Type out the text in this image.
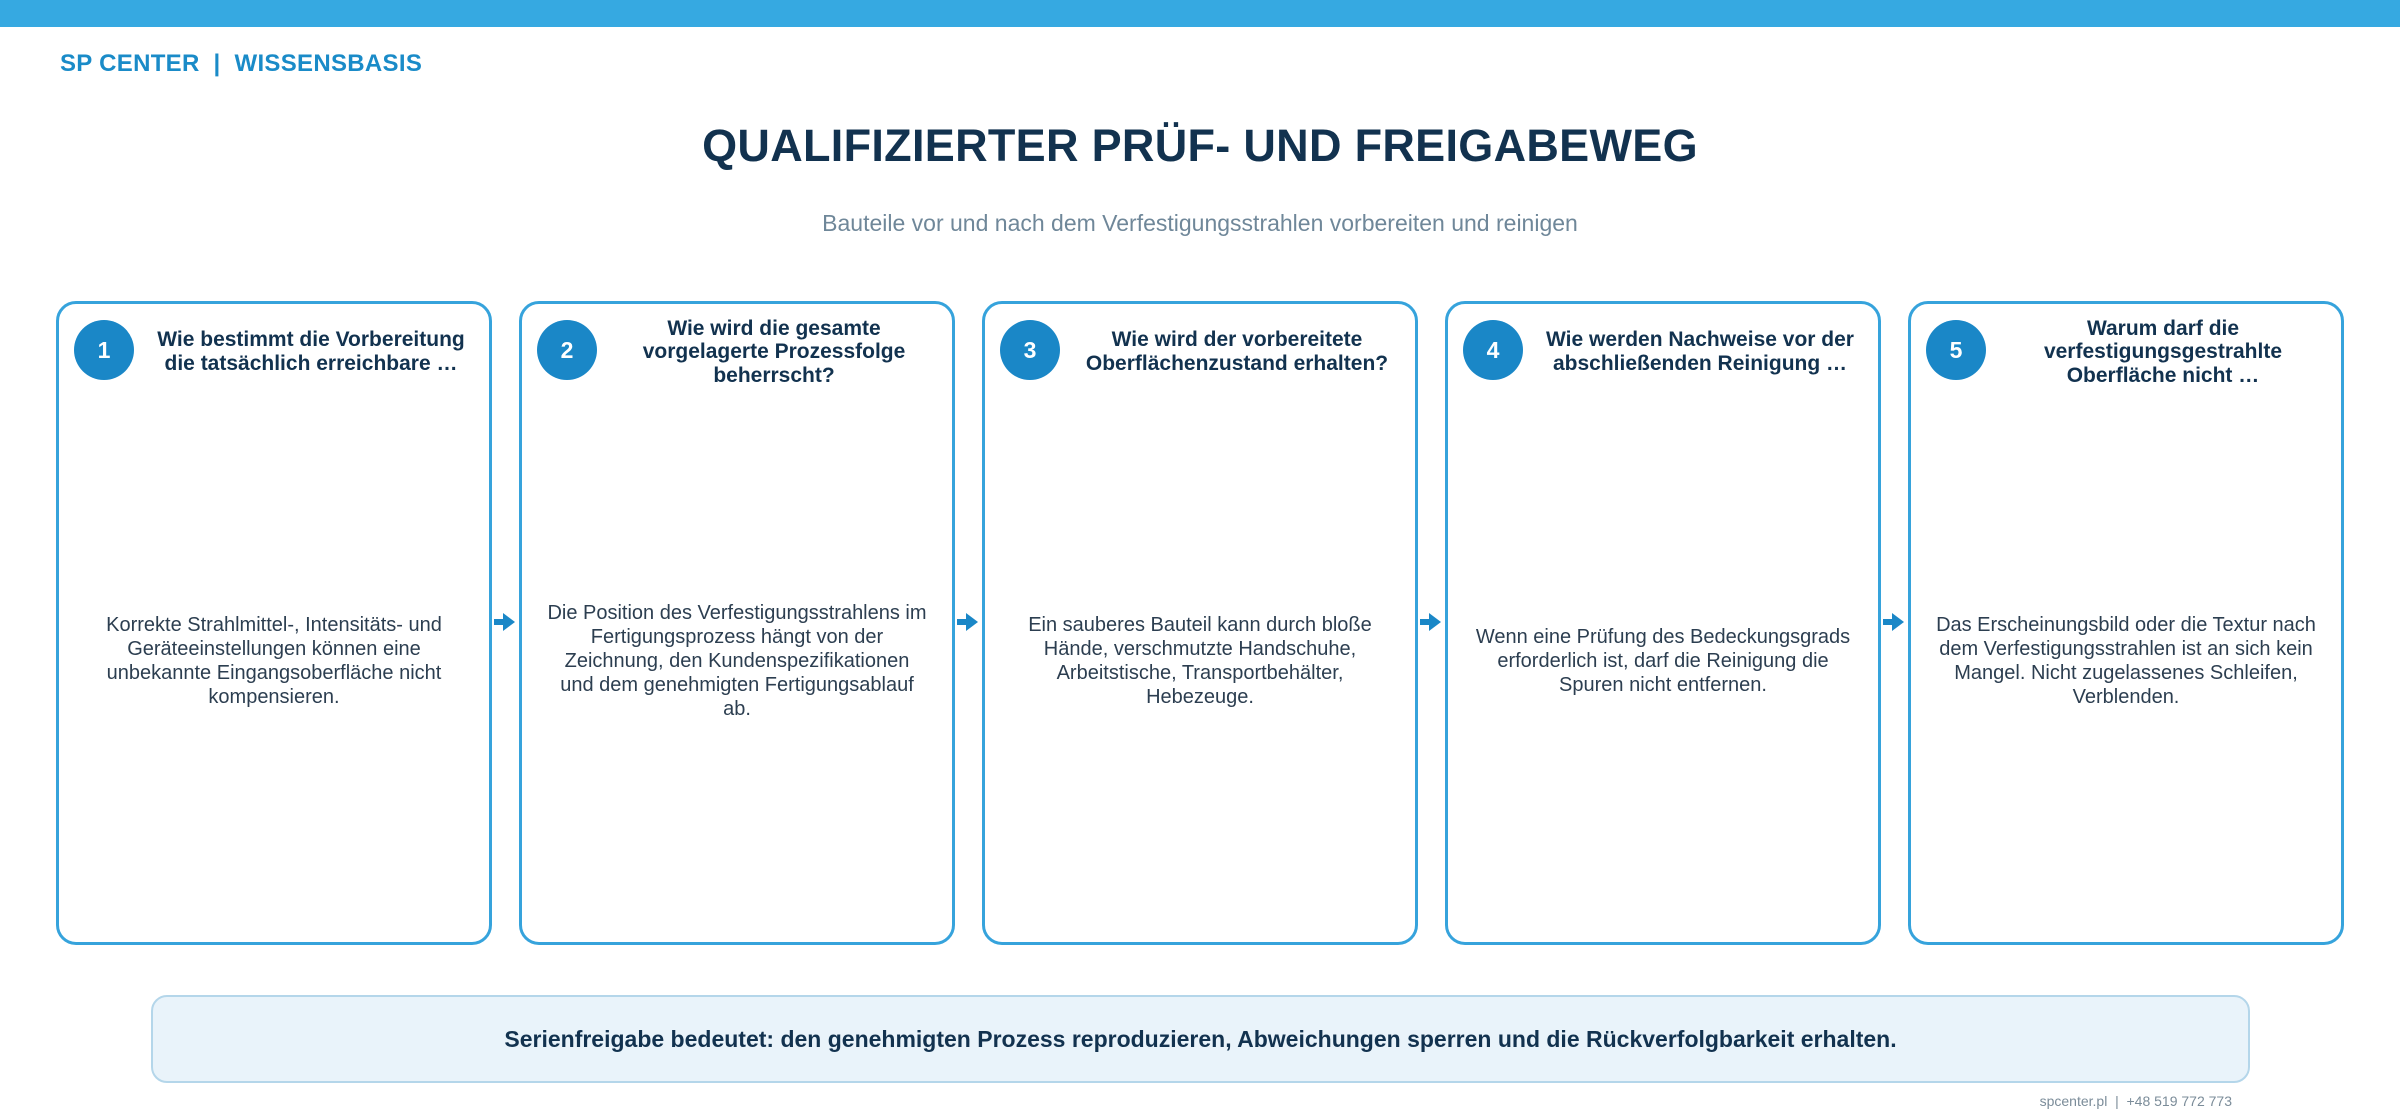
SP CENTER  |  WISSENSBASIS
QUALIFIZIERTER PRÜF- UND FREIGABEWEG
Bauteile vor und nach dem Verfestigungsstrahlen vorbereiten und reinigen
1	Wie bestimmt die Vorbereitung die tatsächlich erreichbare …
Korrekte Strahlmittel-, Intensitäts- und Geräteeinstellungen können eine unbekannte Eingangsoberfläche nicht kompensieren.
2
Wie wird die gesamte vorgelagerte Prozessfolge beherrscht?
Die Position des Verfestigungsstrahlens im Fertigungsprozess hängt von der Zeichnung, den Kundenspezifikationen und dem genehmigten Fertigungsablauf ab.
3	Wie wird der vorbereitete Oberflächenzustand erhalten?
Ein sauberes Bauteil kann durch bloße Hände, verschmutzte Handschuhe, Arbeitstische, Transportbehälter, Hebezeuge.
4	Wie werden Nachweise vor der abschließenden Reinigung …
Wenn eine Prüfung des Bedeckungsgrads erforderlich ist, darf die Reinigung die Spuren nicht entfernen.
5
Warum darf die verfestigungsgestrahlte Oberfläche nicht …
Das Erscheinungsbild oder die Textur nach dem Verfestigungsstrahlen ist an sich kein Mangel. Nicht zugelassenes Schleifen, Verblenden.
Serienfreigabe bedeutet: den genehmigten Prozess reproduzieren, Abweichungen sperren und die Rückverfolgbarkeit erhalten.
spcenter.pl  |  +48 519 772 773
